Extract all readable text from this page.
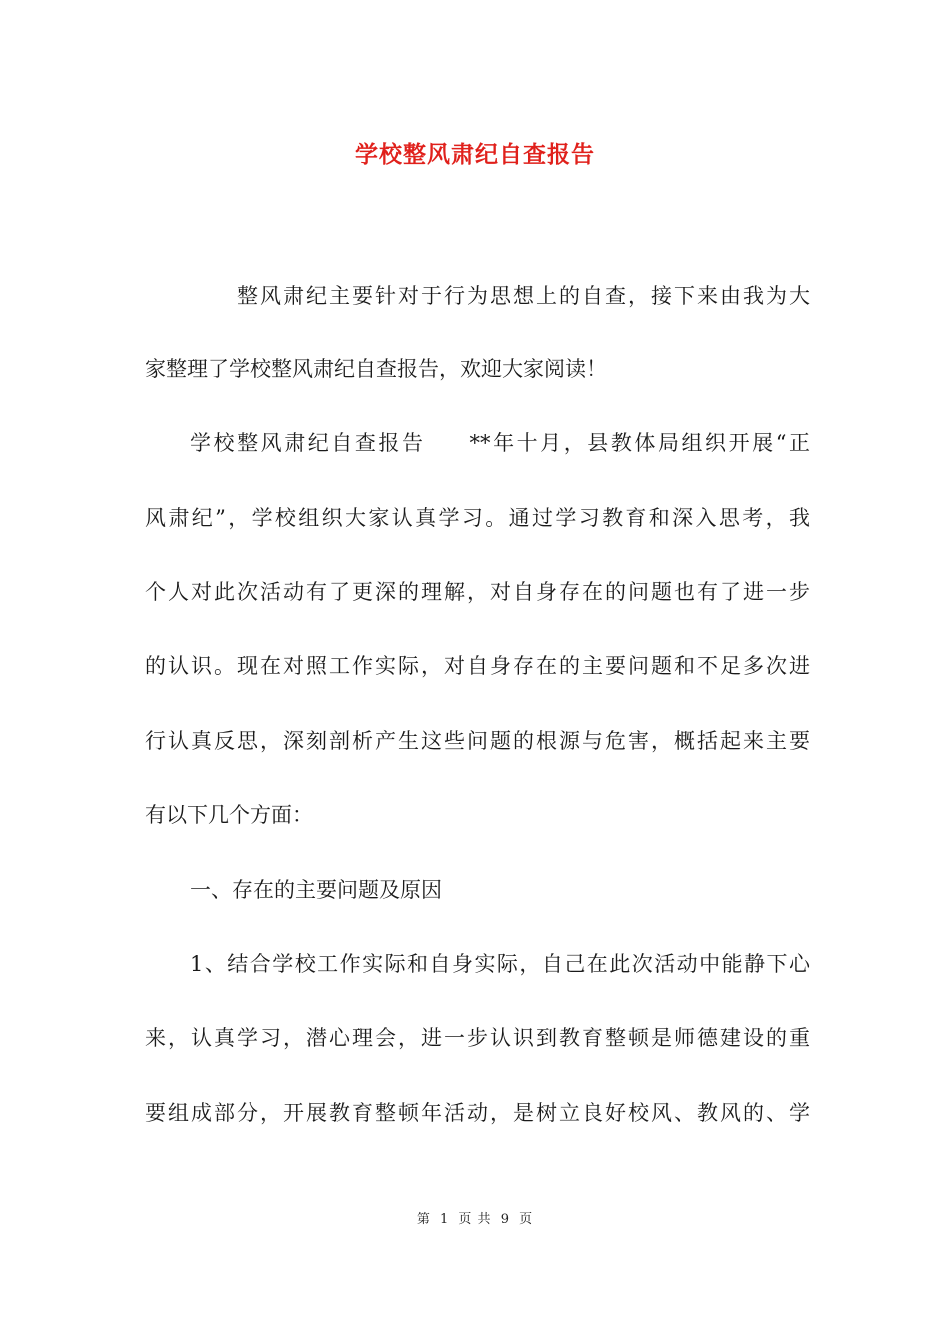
学校整风肃纪自查报告
整风肃纪主要针对于行为思想上的自查，接下来由我为大
家整理了学校整风肃纪自查报告，欢迎大家阅读！
学校整风肃纪自查报告 **年十月，县教体局组织开展“正
风肃纪”，学校组织大家认真学习。通过学习教育和深入思考，我
个人对此次活动有了更深的理解，对自身存在的问题也有了进一步
的认识。现在对照工作实际，对自身存在的主要问题和不足多次进
行认真反思，深刻剖析产生这些问题的根源与危害，概括起来主要
有以下几个方面：
一、存在的主要问题及原因
1、结合学校工作实际和自身实际，自己在此次活动中能静下心
来，认真学习，潜心理会，进一步认识到教育整顿是师德建设的重
要组成部分，开展教育整顿年活动，是树立良好校风、教风的、学
第 1 页 共 9 页
